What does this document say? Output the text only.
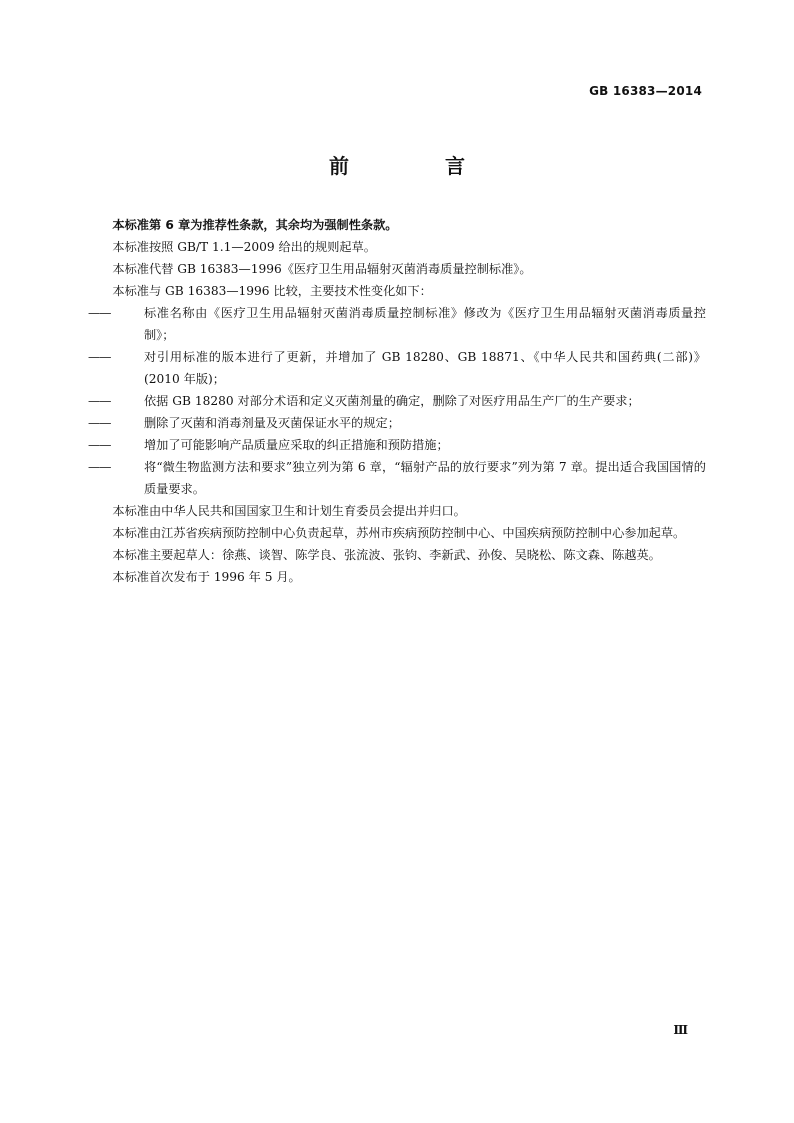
GB 16383—2014
前　言

本标准第 6 章为推荐性条款，其余均为强制性条款。

本标准按照 GB/T 1.1—2009 给出的规则起草。

本标准代替 GB 16383—1996《医疗卫生用品辐射灭菌消毒质量控制标准》。

本标准与 GB 16383—1996 比较，主要技术性变化如下：

——	标准名称由《医疗卫生用品辐射灭菌消毒质量控制标准》修改为《医疗卫生用品辐射灭菌消毒质量控制》；
——	对引用标准的版本进行了更新，并增加了 GB 18280、GB 18871、《中华人民共和国药典(二部)》(2010 年版)；
——	依据 GB 18280 对部分术语和定义灭菌剂量的确定，删除了对医疗用品生产厂的生产要求；
——	删除了灭菌和消毒剂量及灭菌保证水平的规定；
——	增加了可能影响产品质量应采取的纠正措施和预防措施；
——	将“微生物监测方法和要求”独立列为第 6 章，“辐射产品的放行要求”列为第 7 章。提出适合我国国情的质量要求。

本标准由中华人民共和国国家卫生和计划生育委员会提出并归口。

本标准由江苏省疾病预防控制中心负责起草，苏州市疾病预防控制中心、中国疾病预防控制中心参加起草。

本标准主要起草人：徐燕、谈智、陈学良、张流波、张钧、李新武、孙俊、吴晓松、陈文森、陈越英。

本标准首次发布于 1996 年 5 月。

Ⅲ
